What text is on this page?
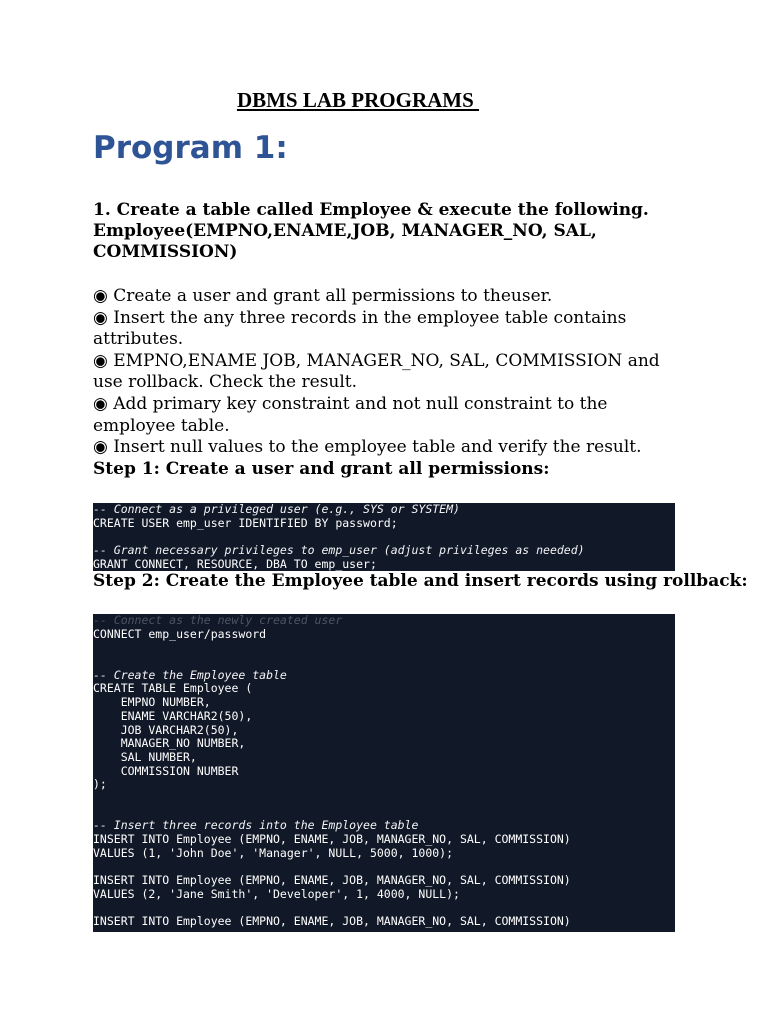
DBMS LAB PROGRAMS
Program 1:
1. Create a table called Employee & execute the following. Employee(EMPNO,ENAME,JOB, MANAGER_NO, SAL, COMMISSION)
◉ Create a user and grant all permissions to theuser.
◉ Insert the any three records in the employee table contains attributes.
◉ EMPNO,ENAME JOB, MANAGER_NO, SAL, COMMISSION and use rollback. Check the result.
◉ Add primary key constraint and not null constraint to the employee table.
◉ Insert null values to the employee table and verify the result.
Step 1: Create a user and grant all permissions:
-- Connect as a privileged user (e.g., SYS or SYSTEM)
CREATE USER emp_user IDENTIFIED BY password;
-- Grant necessary privileges to emp_user (adjust privileges as needed)
GRANT CONNECT, RESOURCE, DBA TO emp_user;
Step 2: Create the Employee table and insert records using rollback:
-- Connect as the newly created user
CONNECT emp_user/password
-- Create the Employee table
CREATE TABLE Employee (
EMPNO NUMBER,
ENAME VARCHAR2(50),
JOB VARCHAR2(50),
MANAGER_NO NUMBER,
SAL NUMBER,
COMMISSION NUMBER
);
-- Insert three records into the Employee table
INSERT INTO Employee (EMPNO, ENAME, JOB, MANAGER_NO, SAL, COMMISSION)
VALUES (1, 'John Doe', 'Manager', NULL, 5000, 1000);
INSERT INTO Employee (EMPNO, ENAME, JOB, MANAGER_NO, SAL, COMMISSION)
VALUES (2, 'Jane Smith', 'Developer', 1, 4000, NULL);
INSERT INTO Employee (EMPNO, ENAME, JOB, MANAGER_NO, SAL, COMMISSION)
